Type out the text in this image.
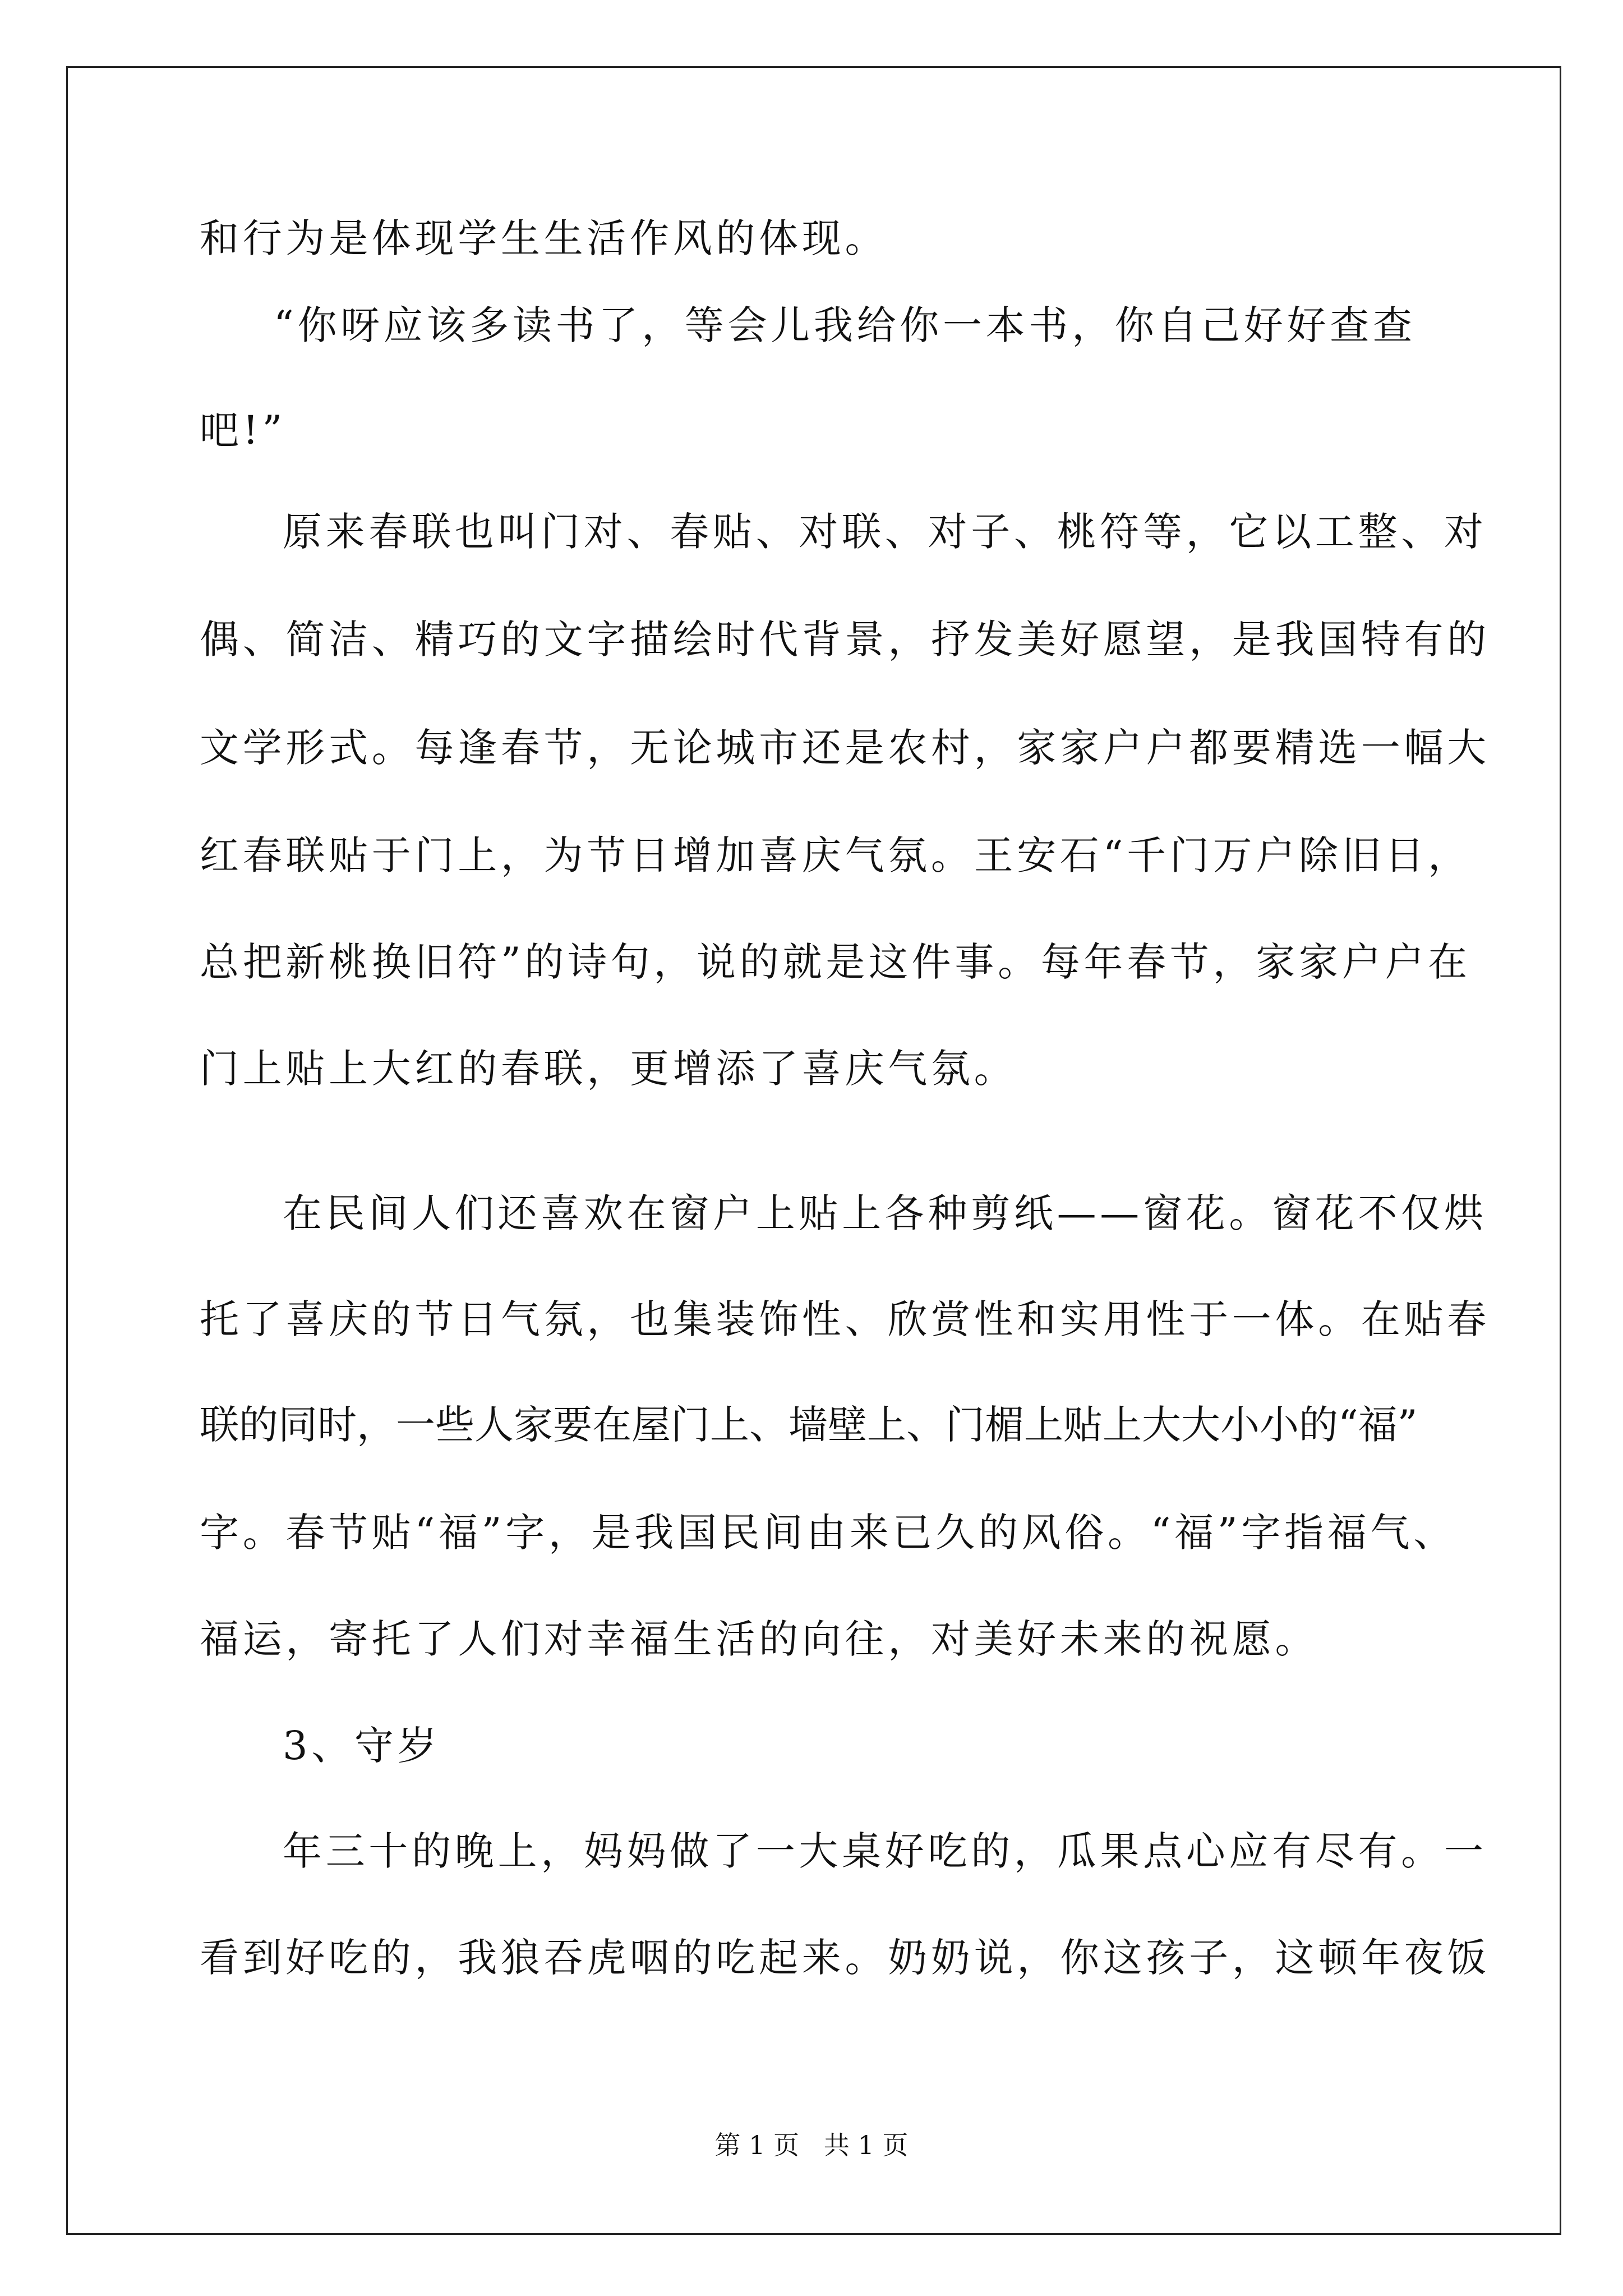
和行为是体现学生生活作风的体现。

“你呀应该多读书了，等会儿我给你一本书，你自己好好查查

吧!”

原来春联也叫门对、春贴、对联、对子、桃符等，它以工整、对

偶、简洁、精巧的文字描绘时代背景，抒发美好愿望，是我国特有的

文学形式。每逢春节，无论城市还是农村，家家户户都要精选一幅大

红春联贴于门上，为节日增加喜庆气氛。王安石“千门万户除旧日，

总把新桃换旧符”的诗句，说的就是这件事。每年春节，家家户户在

门上贴上大红的春联，更增添了喜庆气氛。

在民间人们还喜欢在窗户上贴上各种剪纸——窗花。窗花不仅烘

托了喜庆的节日气氛，也集装饰性、欣赏性和实用性于一体。在贴春

联的同时，一些人家要在屋门上、墙壁上、门楣上贴上大大小小的“福”

字。春节贴“福”字，是我国民间由来已久的风俗。“福”字指福气、

福运，寄托了人们对幸福生活的向往，对美好未来的祝愿。

3、守岁

年三十的晚上，妈妈做了一大桌好吃的，瓜果点心应有尽有。一

看到好吃的，我狼吞虎咽的吃起来。奶奶说，你这孩子，这顿年夜饭

第 1 页   共 1 页
